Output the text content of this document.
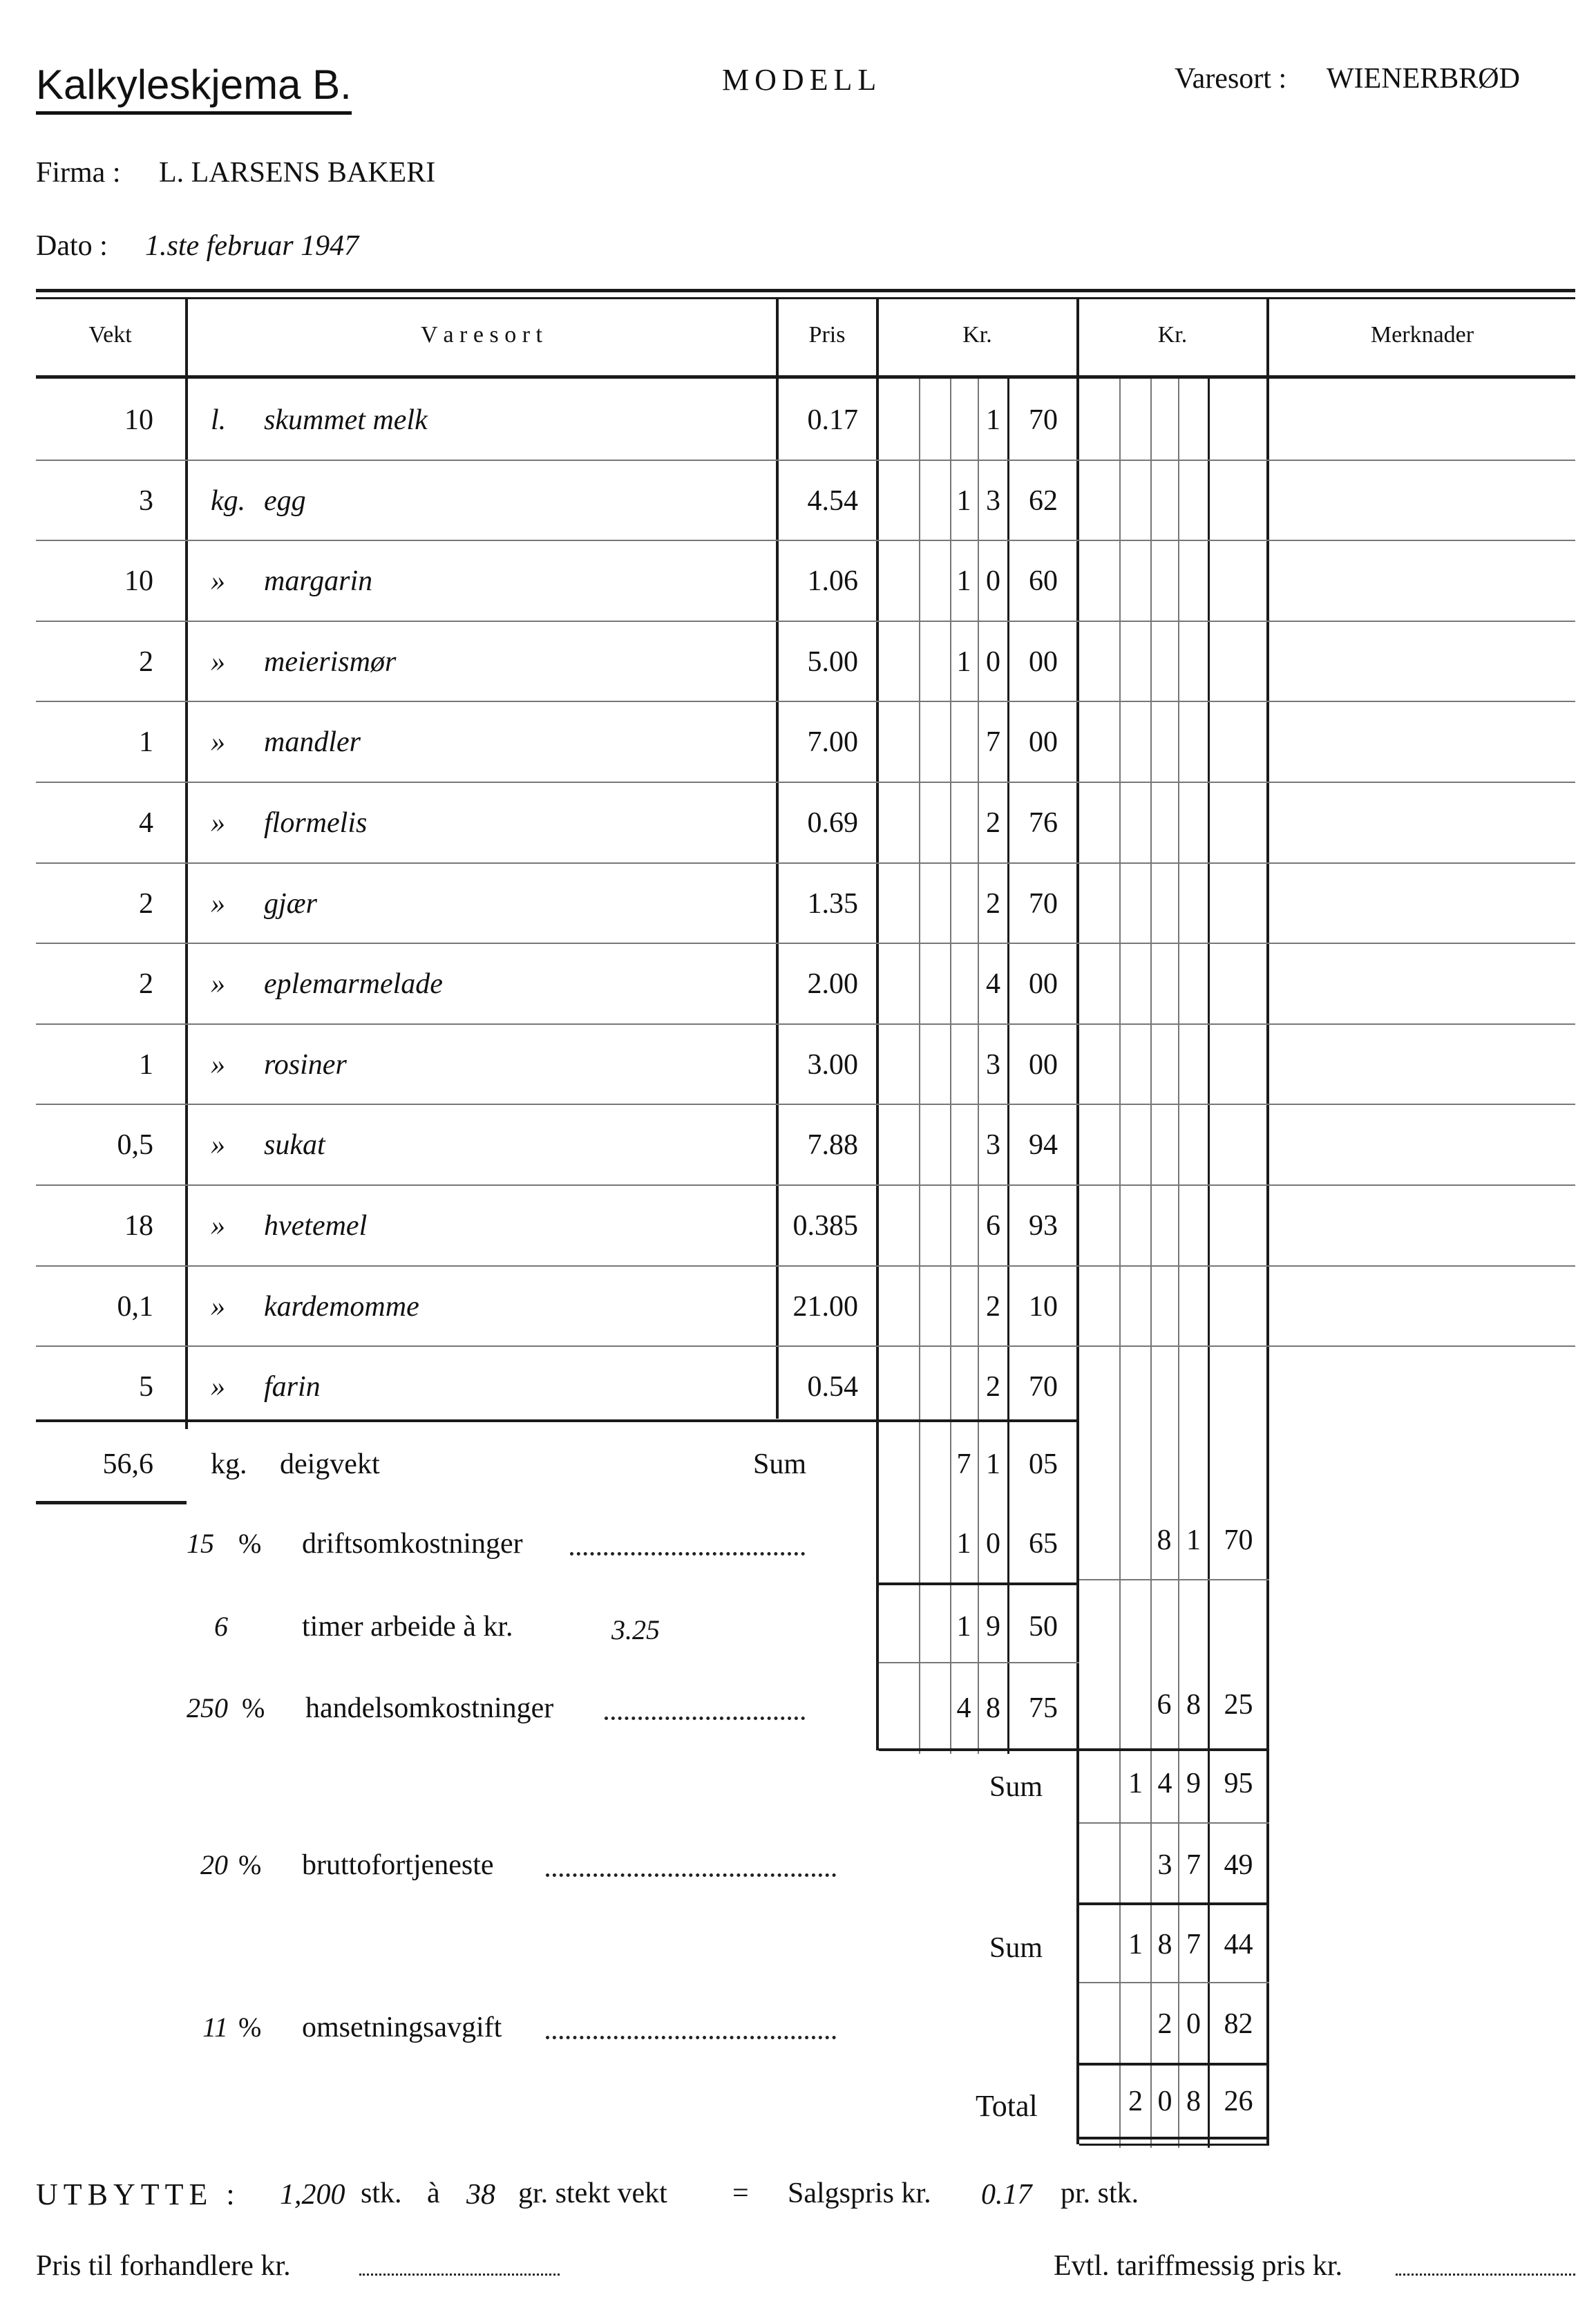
Kalkyleskjema B.	MODELL	Varesort : WIENERBRØD
Firma : L. LARSENS BAKERI
Dato : 1.ste februar 1947
Vekt	V a r e s o r t	Pris	Kr.	Kr.	Merknader
10 l. skummet melk	0.17	1 70
3 kg. egg	4.54	1 3 62
10 » margarin	1.06	1 0 60
2 » meierismør	5.00	1 0 00
1 » mandler	7.00	7 00
4 » flormelis	0.69	2 76
2 » gjær	1.35	2 70
2 » eplemarmelade	2.00	4 00
1 » rosiner	3.00	3 00
0,5 » sukat	7.88	3 94
18 » hvetemel	0.385	6 93
0,1 » kardemomme	21.00	2 10
5 » farin	0.54	2 70
56,6 kg. deigvekt	Sum	7 1 05
15 % driftsomkostninger	1 0 65	8 1 70
6	timer arbeide à kr.	3.25	1 9 50
250 % handelsomkostninger	4 8 75	6 8 25
Sum	1 4 9 95
20 % bruttofortjeneste	3 7 49
Sum	1 8 7 44
11 % omsetningsavgift	2 0 82
Total	2 0 8 26
UTBYTTE : 1,200 stk. à 38 gr. stekt vekt = Salgspris kr. 0.17 pr. stk.
Pris til forhandlere kr.	Evtl. tariffmessig pris kr.
